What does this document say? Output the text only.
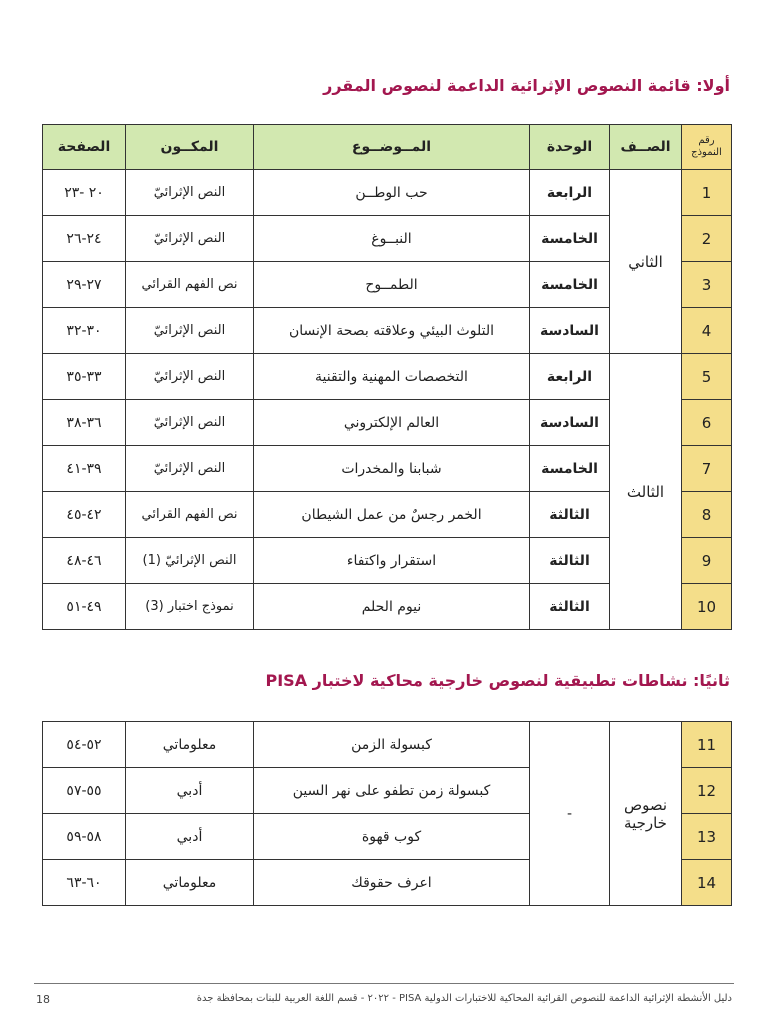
أولا: قائمة النصوص الإثرائية الداعمة لنصوص المقرر
رقم النموذج	الصــف	الوحدة	المــوضــوع	المكــون	الصفحة
1	الثاني	الرابعة	حب الوطــن	النص الإثرائيّ	٢٠ -٢٣
2		الخامسة	النبــوغ	النص الإثرائيّ	٢٤-٢٦
3		الخامسة	الطمــوح	نص الفهم القرائي	٢٧-٢٩
4		السادسة	التلوث البيئي وعلاقته بصحة الإنسان	النص الإثرائيّ	٣٠-٣٢
5	الثالث	الرابعة	التخصصات المهنية والتقنية	النص الإثرائيّ	٣٣-٣٥
6		السادسة	العالم الإلكتروني	النص الإثرائيّ	٣٦-٣٨
7		الخامسة	شبابنا والمخدرات	النص الإثرائيّ	٣٩-٤١
8		الثالثة	الخمر رجسٌ من عمل الشيطان	نص الفهم القرائي	٤٢-٤٥
9		الثالثة	استقرار واكتفاء	النص الإثرائيّ (1)	٤٦-٤٨
10		الثالثة	نيوم الحلم	نموذج اختبار (3)	٤٩-٥١
ثانيًا: نشاطات تطبيقية لنصوص خارجية محاكية لاختبار PISA
11	نصوص خارجية	-	كبسولة الزمن	معلوماتي	٥٢-٥٤
12			كبسولة زمن تطفو على نهر السين	أدبي	٥٥-٥٧
13			كوب قهوة	أدبي	٥٨-٥٩
14			اعرف حقوقك	معلوماتي	٦٠-٦٣
دليل الأنشطة الإثرائية الداعمة للنصوص القرائية المحاكية للاختبارات الدولية PISA - ٢٠٢٢ - قسم اللغة العربية للبنات بمحافظة جدة
18
